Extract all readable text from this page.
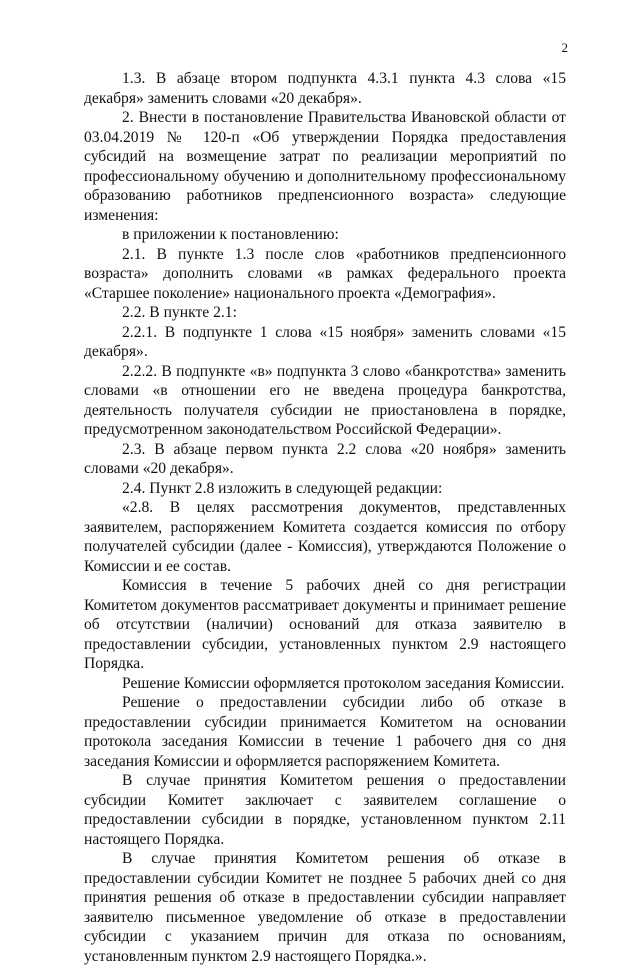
2

1.3. В абзаце втором подпункта 4.3.1 пункта 4.3 слова «15 декабря» заменить словами «20 декабря».

2. Внести в постановление Правительства Ивановской области от 03.04.2019 № 120-п «Об утверждении Порядка предоставления субсидий на возмещение затрат по реализации мероприятий по профессиональному обучению и дополнительному профессиональному образованию работников предпенсионного возраста» следующие изменения:

в приложении к постановлению:

2.1. В пункте 1.3 после слов «работников предпенсионного возраста» дополнить словами «в рамках федерального проекта «Старшее поколение» национального проекта «Демография».

2.2. В пункте 2.1:

2.2.1. В подпункте 1 слова «15 ноября» заменить словами «15 декабря».

2.2.2. В подпункте «в» подпункта 3 слово «банкротства» заменить словами «в отношении его не введена процедура банкротства, деятельность получателя субсидии не приостановлена в порядке, предусмотренном законодательством Российской Федерации».

2.3. В абзаце первом пункта 2.2 слова «20 ноября» заменить словами «20 декабря».

2.4. Пункт 2.8 изложить в следующей редакции:

«2.8. В целях рассмотрения документов, представленных заявителем, распоряжением Комитета создается комиссия по отбору получателей субсидии (далее - Комиссия), утверждаются Положение о Комиссии и ее состав.

Комиссия в течение 5 рабочих дней со дня регистрации Комитетом документов рассматривает документы и принимает решение об отсутствии (наличии) оснований для отказа заявителю в предоставлении субсидии, установленных пунктом 2.9 настоящего Порядка.

Решение Комиссии оформляется протоколом заседания Комиссии.

Решение о предоставлении субсидии либо об отказе в предоставлении субсидии принимается Комитетом на основании протокола заседания Комиссии в течение 1 рабочего дня со дня заседания Комиссии и оформляется распоряжением Комитета.

В случае принятия Комитетом решения о предоставлении субсидии Комитет заключает с заявителем соглашение о предоставлении субсидии в порядке, установленном пунктом 2.11 настоящего Порядка.

В случае принятия Комитетом решения об отказе в предоставлении субсидии Комитет не позднее 5 рабочих дней со дня принятия решения об отказе в предоставлении субсидии направляет заявителю письменное уведомление об отказе в предоставлении субсидии с указанием причин для отказа по основаниям, установленным пунктом 2.9 настоящего Порядка.».
